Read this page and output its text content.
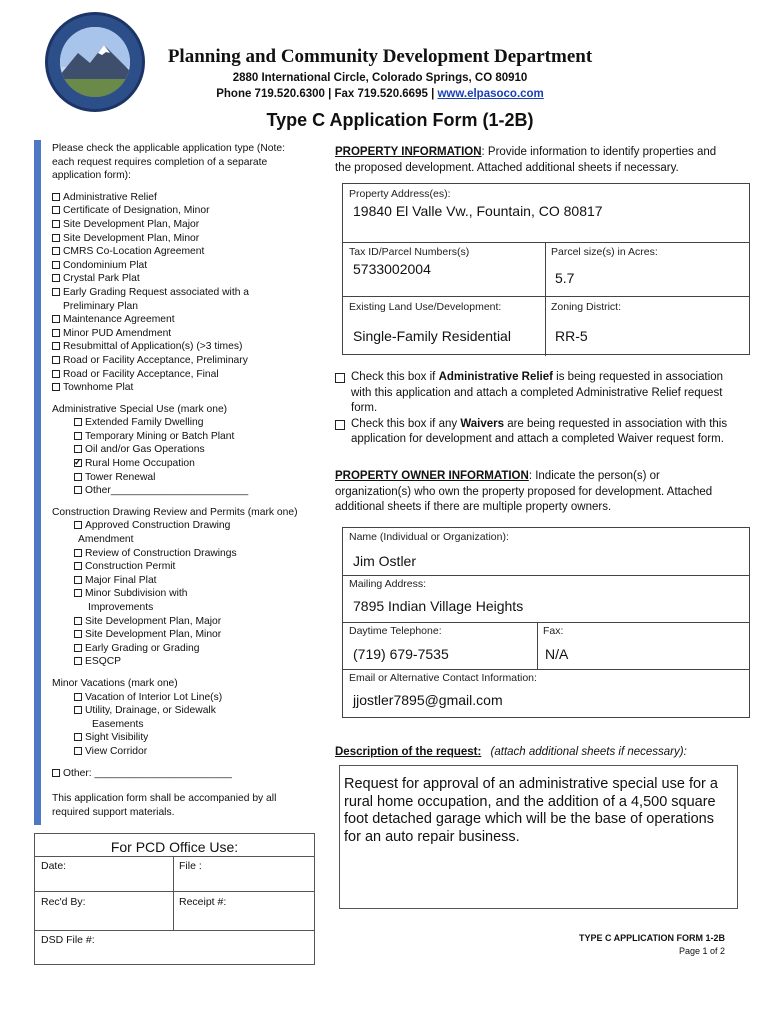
Planning and Community Development Department
2880 International Circle, Colorado Springs, CO 80910
Phone 719.520.6300 | Fax 719.520.6695 | www.elpasoco.com
Type C Application Form (1-2B)

Please check the applicable application type (Note: each request requires completion of a separate application form):

Administrative Relief
Certificate of Designation, Minor
Site Development Plan, Major
Site Development Plan, Minor
CMRS Co-Location Agreement
Condominium Plat
Crystal Park Plat
Early Grading Request associated with a
Preliminary Plan
Maintenance Agreement
Minor PUD Amendment
Resubmittal of Application(s) (>3 times)
Road or Facility Acceptance, Preliminary
Road or Facility Acceptance, Final
Townhome Plat
Administrative Special Use (mark one)
Extended Family Dwelling
Temporary Mining or Batch Plant
Oil and/or Gas Operations
✓Rural Home Occupation
Tower Renewal
Other________________________
Construction Drawing Review and Permits (mark one)
Approved Construction Drawing
Amendment
Review of Construction Drawings
Construction Permit
Major Final Plat
Minor Subdivision with
Improvements
Site Development Plan, Major
Site Development Plan, Minor
Early Grading or Grading
ESQCP
Minor Vacations (mark one)
Vacation of Interior Lot Line(s)
Utility, Drainage, or Sidewalk
Easements
Sight Visibility
View Corridor
Other: ________________________

This application form shall be accompanied by all required support materials.

For PCD Office Use:
Date:	File :
Rec'd By:	Receipt #:
DSD File #:
PROPERTY INFORMATION: Provide information to identify properties and the proposed development. Attached additional sheets if necessary.
Property Address(es):
19840 El Valle Vw., Fountain, CO 80817
Tax ID/Parcel Numbers(s)
5733002004
Parcel size(s) in Acres:
5.7
Existing Land Use/Development:
Single-Family Residential
Zoning District:
RR-5
Check this box if Administrative Relief is being requested in association with this application and attach a completed Administrative Relief request form.
Check this box if any Waivers are being requested in association with this application for development and attach a completed Waiver request form.
PROPERTY OWNER INFORMATION: Indicate the person(s) or organization(s) who own the property proposed for development. Attached additional sheets if there are multiple property owners.
Name (Individual or Organization):
Jim Ostler
Mailing Address:
7895 Indian Village Heights
Daytime Telephone:
(719) 679-7535
Fax:
N/A
Email or Alternative Contact Information:
jjostler7895@gmail.com
Description of the request: (attach additional sheets if necessary):
Request for approval of an administrative special use for a rural home occupation, and the addition of a 4,500 square foot detached garage which will be the base of operations for an auto repair business.
TYPE C APPLICATION FORM 1-2B
Page 1 of 2
